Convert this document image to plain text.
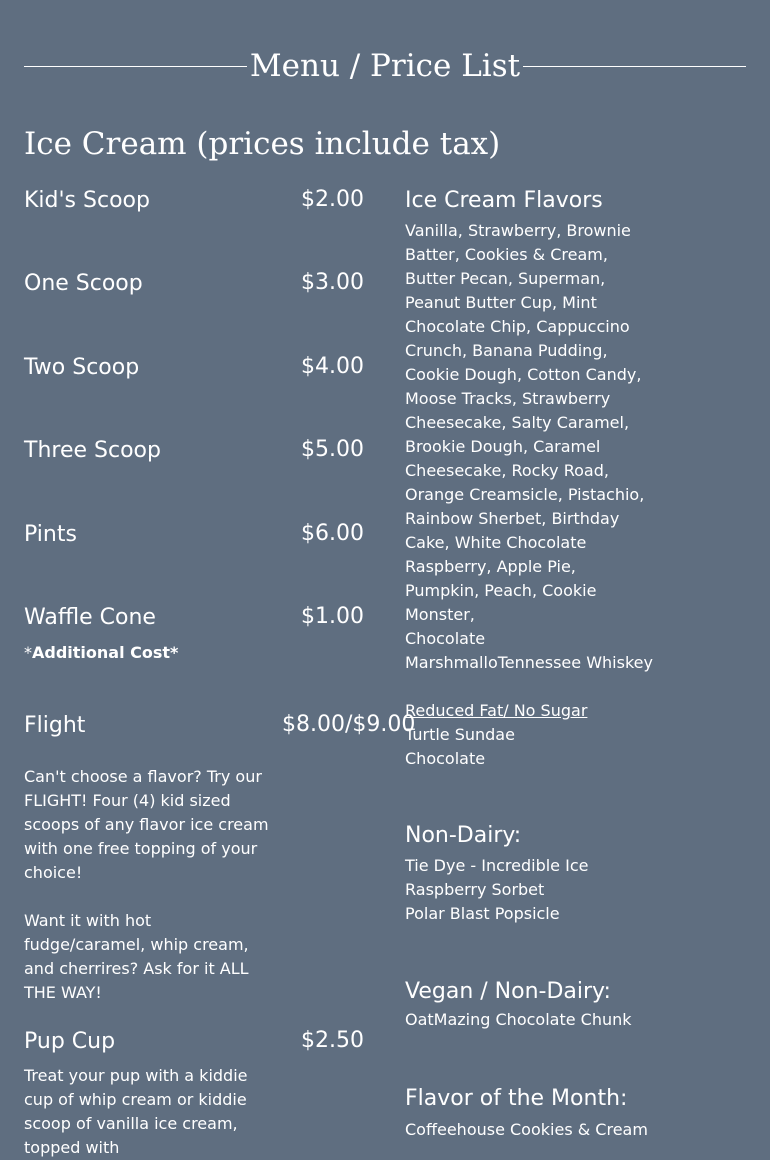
Menu / Price List
Ice Cream (prices include tax)
Kid's Scoop	$2.00
One Scoop	$3.00
Two Scoop	$4.00
Three Scoop	$5.00
Pints	$6.00
Waffle Cone	$1.00
*Additional Cost*
Flight	$8.00/$9.00
Can't choose a flavor? Try our FLIGHT! Four (4) kid sized scoops of any flavor ice cream with one free topping of your choice!

Want it with hot fudge/caramel, whip cream, and cherrires? Ask for it ALL THE WAY!
Pup Cup	$2.50
Treat your pup with a kiddie cup of whip cream or kiddie scoop of vanilla ice cream, topped with

Ice Cream Flavors

Vanilla, Strawberry, Brownie Batter, Cookies & Cream, Butter Pecan, Superman, Peanut Butter Cup, Mint Chocolate Chip, Cappuccino Crunch, Banana Pudding, Cookie Dough, Cotton Candy, Moose Tracks, Strawberry Cheesecake, Salty Caramel, Brookie Dough, Caramel Cheesecake, Rocky Road, Orange Creamsicle, Pistachio, Rainbow Sherbet, Birthday Cake, White Chocolate Raspberry, Apple Pie, Pumpkin, Peach, Cookie Monster,
Chocolate MarshmalloTennessee Whiskey

Reduced Fat/ No Sugar

Turtle Sundae
Chocolate

Non-Dairy:

Tie Dye - Incredible Ice
Raspberry Sorbet
Polar Blast Popsicle

Vegan / Non-Dairy:

OatMazing Chocolate Chunk

Flavor of the Month:

Coffeehouse Cookies & Cream
